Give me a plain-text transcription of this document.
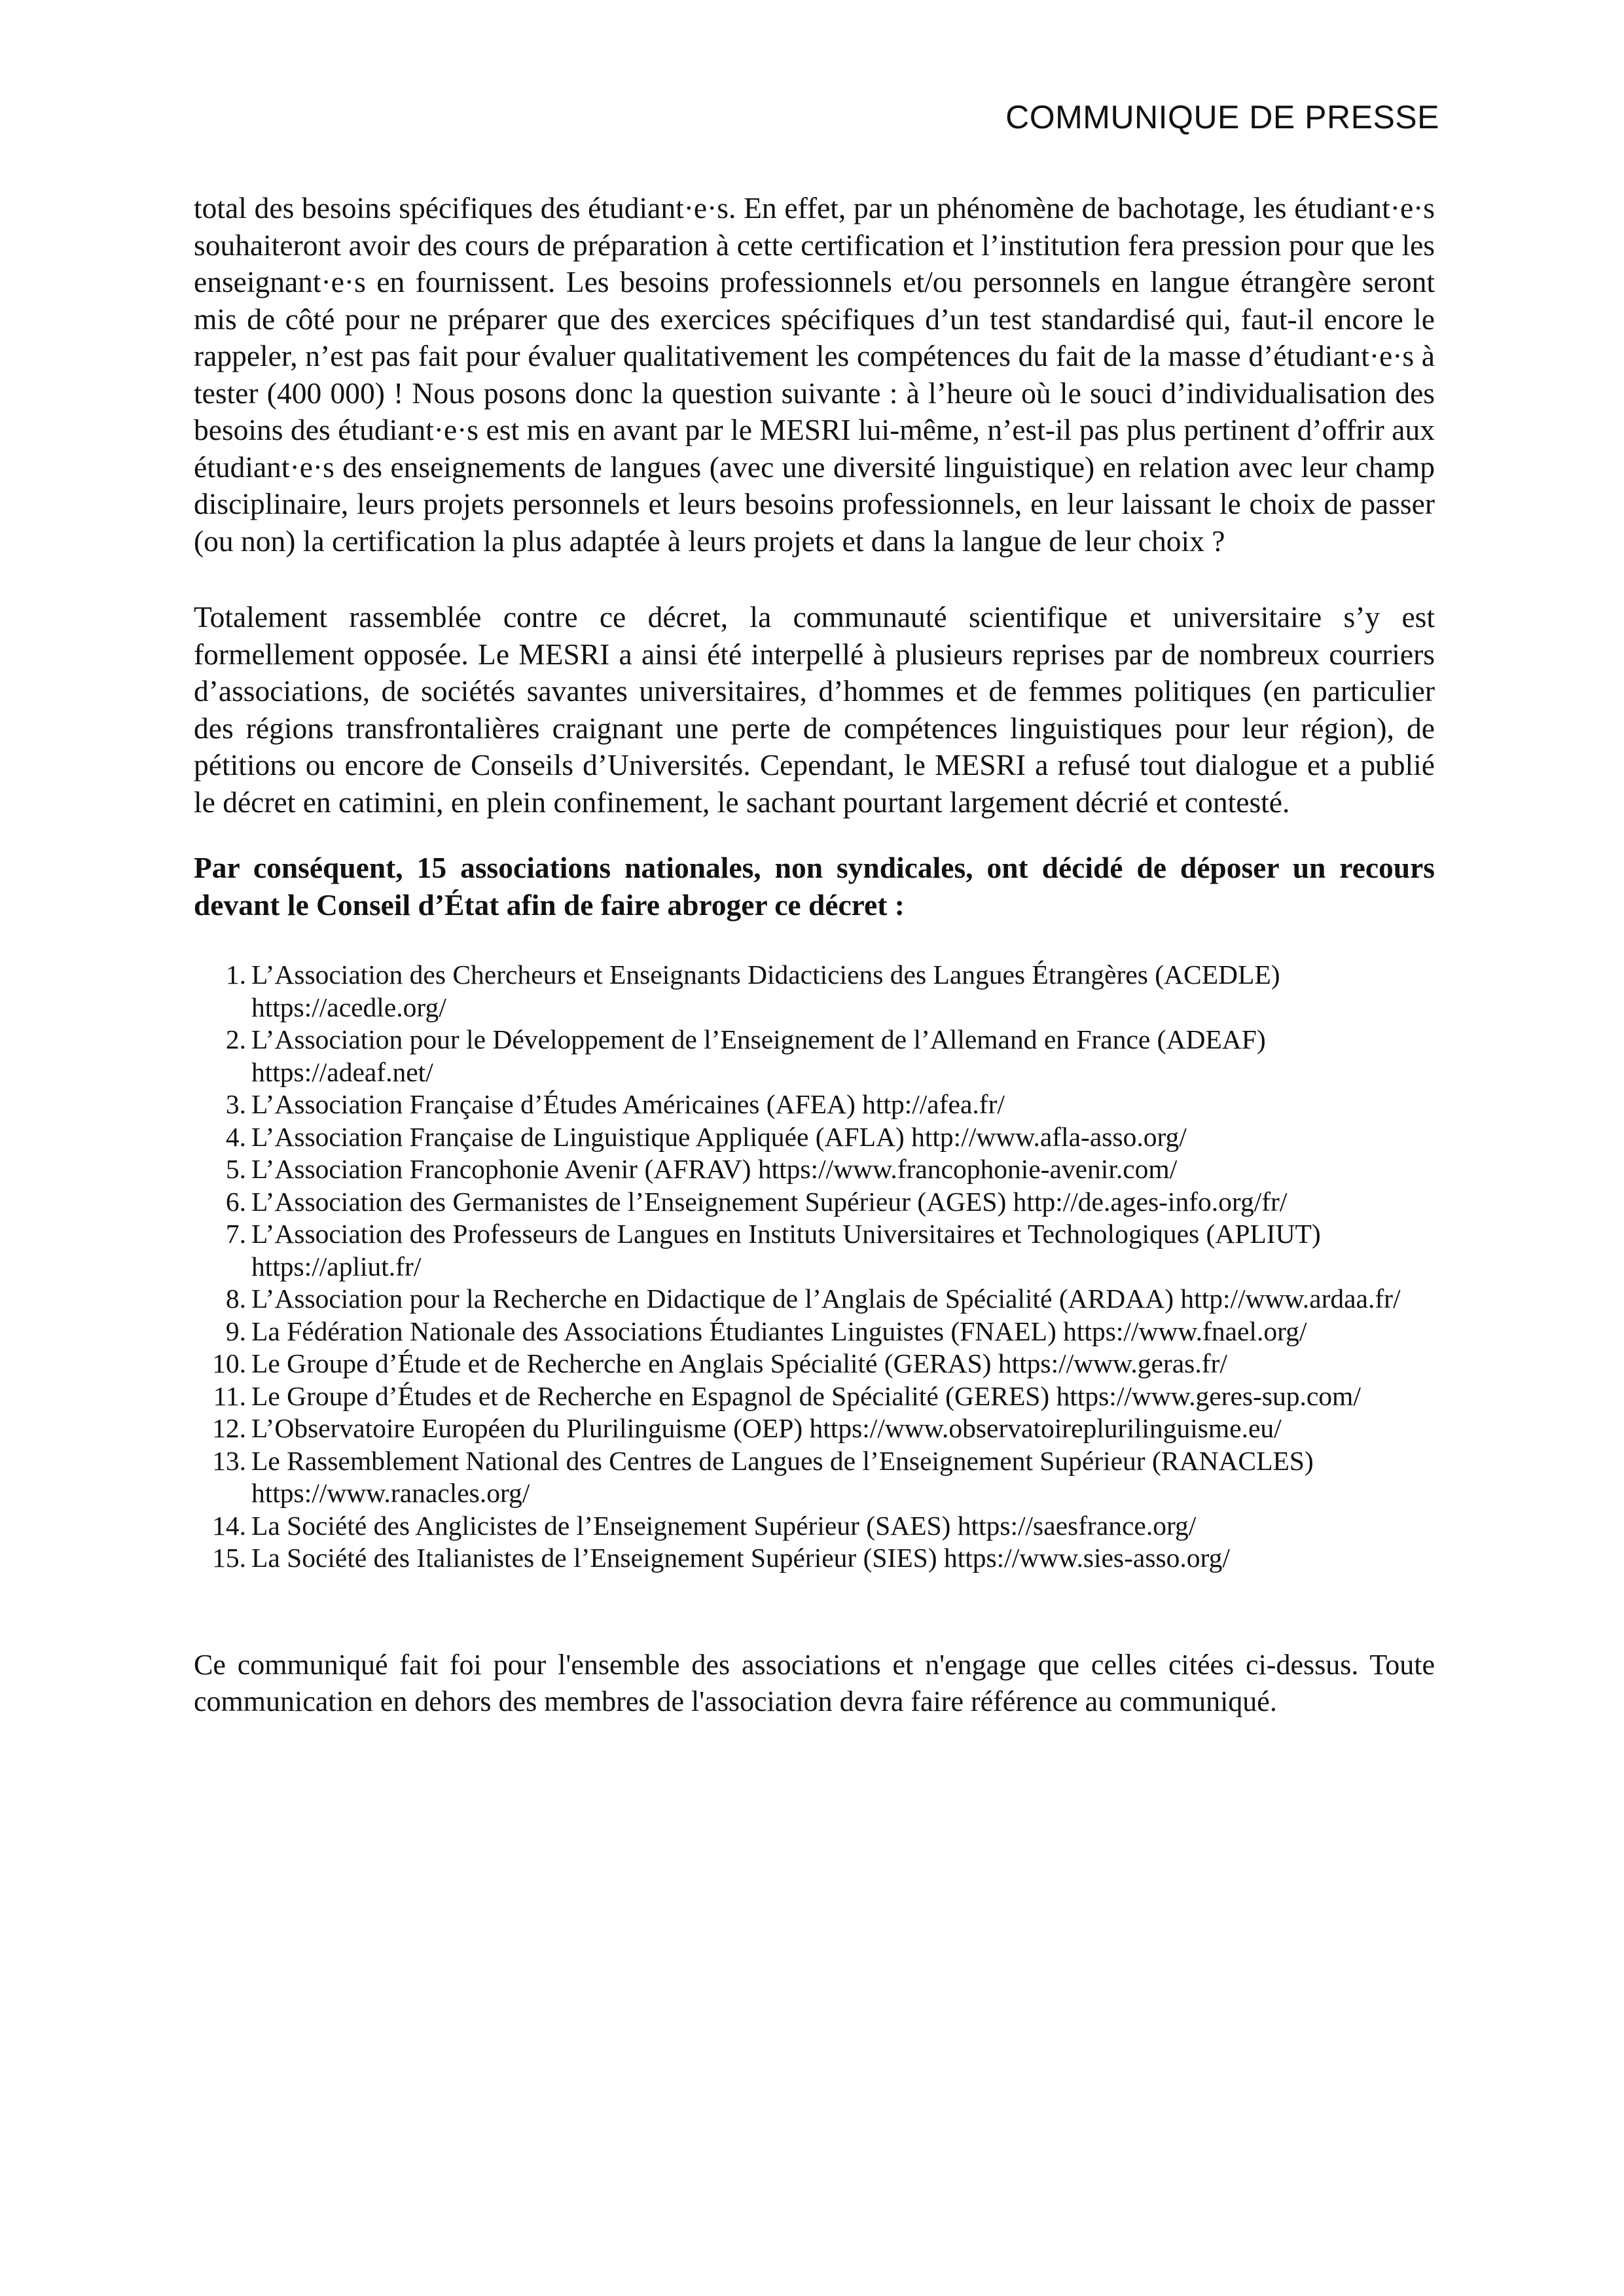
COMMUNIQUE DE PRESSE

total des besoins spécifiques des étudiant·e·s. En effet, par un phénomène de bachotage, les étudiant·e·s souhaiteront avoir des cours de préparation à cette certification et l’institution fera pression pour que les enseignant·e·s en fournissent. Les besoins professionnels et/ou personnels en langue étrangère seront mis de côté pour ne préparer que des exercices spécifiques d’un test standardisé qui, faut-il encore le rappeler, n’est pas fait pour évaluer qualitativement les compétences du fait de la masse d’étudiant·e·s à tester (400 000) ! Nous posons donc la question suivante : à l’heure où le souci d’individualisation des besoins des étudiant·e·s est mis en avant par le MESRI lui-même, n’est-il pas plus pertinent d’offrir aux étudiant·e·s des enseignements de langues (avec une diversité linguistique) en relation avec leur champ disciplinaire, leurs projets personnels et leurs besoins professionnels, en leur laissant le choix de passer (ou non) la certification la plus adaptée à leurs projets et dans la langue de leur choix ?

Totalement rassemblée contre ce décret, la communauté scientifique et universitaire s’y est formellement opposée. Le MESRI a ainsi été interpellé à plusieurs reprises par de nombreux courriers d’associations, de sociétés savantes universitaires, d’hommes et de femmes politiques (en particulier des régions transfrontalières craignant une perte de compétences linguistiques pour leur région), de pétitions ou encore de Conseils d’Universités. Cependant, le MESRI a refusé tout dialogue et a publié le décret en catimini, en plein confinement, le sachant pourtant largement décrié et contesté.

Par conséquent, 15 associations nationales, non syndicales, ont décidé de déposer un recours devant le Conseil d’État afin de faire abroger ce décret :

1. L’Association des Chercheurs et Enseignants Didacticiens des Langues Étrangères (ACEDLE) https://acedle.org/
2. L’Association pour le Développement de l’Enseignement de l’Allemand en France (ADEAF) https://adeaf.net/
3. L’Association Française d’Études Américaines (AFEA) http://afea.fr/
4. L’Association Française de Linguistique Appliquée (AFLA) http://www.afla-asso.org/
5. L’Association Francophonie Avenir (AFRAV) https://www.francophonie-avenir.com/
6. L’Association des Germanistes de l’Enseignement Supérieur (AGES) http://de.ages-info.org/fr/
7. L’Association des Professeurs de Langues en Instituts Universitaires et Technologiques (APLIUT) https://apliut.fr/
8. L’Association pour la Recherche en Didactique de l’Anglais de Spécialité (ARDAA) http://www.ardaa.fr/
9. La Fédération Nationale des Associations Étudiantes Linguistes (FNAEL) https://www.fnael.org/
10. Le Groupe d’Étude et de Recherche en Anglais Spécialité (GERAS) https://www.geras.fr/
11. Le Groupe d’Études et de Recherche en Espagnol de Spécialité (GERES) https://www.geres-sup.com/
12. L’Observatoire Européen du Plurilinguisme (OEP) https://www.observatoireplurilinguisme.eu/
13. Le Rassemblement National des Centres de Langues de l’Enseignement Supérieur (RANACLES) https://www.ranacles.org/
14. La Société des Anglicistes de l’Enseignement Supérieur (SAES) https://saesfrance.org/
15. La Société des Italianistes de l’Enseignement Supérieur (SIES) https://www.sies-asso.org/

Ce communiqué fait foi pour l'ensemble des associations et n'engage que celles citées ci-dessus. Toute communication en dehors des membres de l'association devra faire référence au communiqué.
